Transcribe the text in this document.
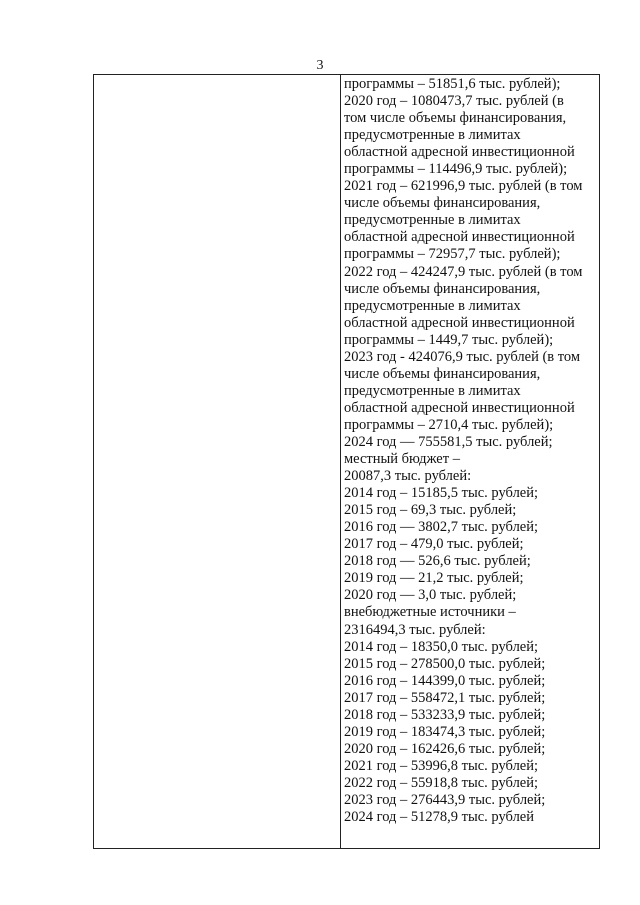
3
программы – 51851,6 тыс. рублей);
2020 год – 1080473,7 тыс. рублей (в
том числе объемы финансирования,
предусмотренные в лимитах
областной адресной инвестиционной
программы – 114496,9 тыс. рублей);
2021 год – 621996,9 тыс. рублей (в том
числе объемы финансирования,
предусмотренные в лимитах
областной адресной инвестиционной
программы – 72957,7 тыс. рублей);
2022 год – 424247,9 тыс. рублей (в том
числе объемы финансирования,
предусмотренные в лимитах
областной адресной инвестиционной
программы – 1449,7 тыс. рублей);
2023 год - 424076,9 тыс. рублей (в том
числе объемы финансирования,
предусмотренные в лимитах
областной адресной инвестиционной
программы – 2710,4 тыс. рублей);
2024 год — 755581,5 тыс. рублей;
местный бюджет –
20087,3 тыс. рублей:
2014 год – 15185,5 тыс. рублей;
2015 год – 69,3 тыс. рублей;
2016 год — 3802,7 тыс. рублей;
2017 год – 479,0 тыс. рублей;
2018 год — 526,6 тыс. рублей;
2019 год — 21,2 тыс. рублей;
2020 год — 3,0 тыс. рублей;
внебюджетные источники –
2316494,3 тыс. рублей:
2014 год – 18350,0 тыс. рублей;
2015 год – 278500,0 тыс. рублей;
2016 год – 144399,0 тыс. рублей;
2017 год – 558472,1 тыс. рублей;
2018 год – 533233,9 тыс. рублей;
2019 год – 183474,3 тыс. рублей;
2020 год – 162426,6 тыс. рублей;
2021 год – 53996,8 тыс. рублей;
2022 год – 55918,8 тыс. рублей;
2023 год – 276443,9 тыс. рублей;
2024 год – 51278,9 тыс. рублей
